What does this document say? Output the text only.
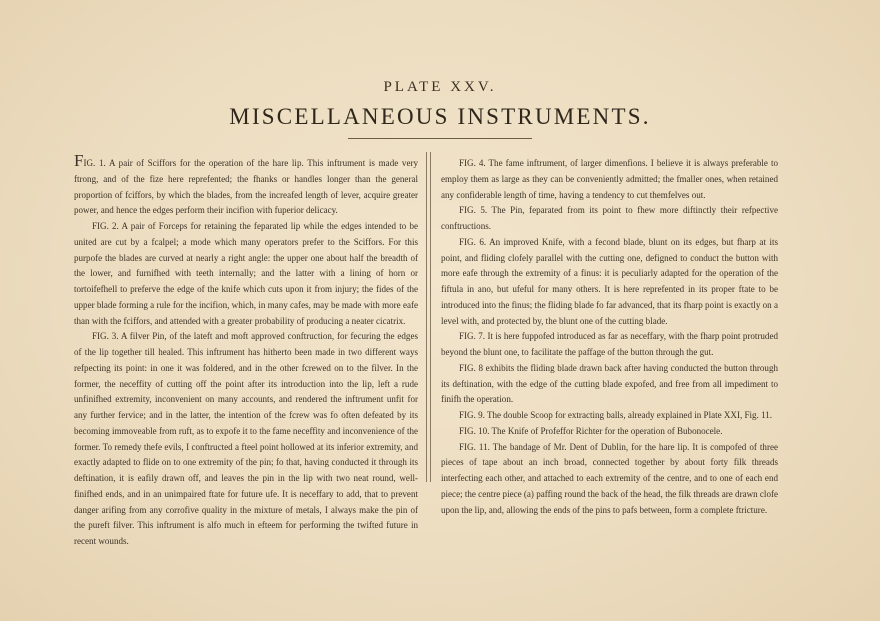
PLATE XXV.
MISCELLANEOUS INSTRUMENTS.

FIG. 1. A pair of Sciffors for the operation of the hare lip. This inftrument is made very ftrong, and of the fize here reprefented; the fhanks or handles longer than the general proportion of fciffors, by which the blades, from the increafed length of lever, acquire greater power, and hence the edges perform their incifion with fuperior delicacy.

FIG. 2. A pair of Forceps for retaining the feparated lip while the edges intended to be united are cut by a fcalpel; a mode which many operators prefer to the Sciffors. For this purpofe the blades are curved at nearly a right angle: the upper one about half the breadth of the lower, and furnifhed with teeth internally; and the latter with a lining of horn or tortoifefhell to preferve the edge of the knife which cuts upon it from injury; the fides of the upper blade forming a rule for the incifion, which, in many cafes, may be made with more eafe than with the fciffors, and attended with a greater probability of producing a neater cicatrix.

FIG. 3. A filver Pin, of the lateft and moft approved conftruction, for fecuring the edges of the lip together till healed. This inftrument has hitherto been made in two different ways refpecting its point: in one it was foldered, and in the other fcrewed on to the filver. In the former, the neceffity of cutting off the point after its introduction into the lip, left a rude unfinifhed extremity, inconvenient on many accounts, and rendered the inftrument unfit for any further fervice; and in the latter, the intention of the fcrew was fo often defeated by its becoming immoveable from ruft, as to expofe it to the fame neceffity and inconvenience of the former. To remedy thefe evils, I conftructed a fteel point hollowed at its inferior extremity, and exactly adapted to flide on to one extremity of the pin; fo that, having conducted it through its deftination, it is eafily drawn off, and leaves the pin in the lip with two neat round, well-finifhed ends, and in an unimpaired ftate for future ufe. It is neceffary to add, that to prevent danger arifing from any corrofive quality in the mixture of metals, I always make the pin of the pureft filver. This inftrument is alfo much in efteem for performing the twifted future in recent wounds.

FIG. 4. The fame inftrument, of larger dimenfions. I believe it is always preferable to employ them as large as they can be conveniently admitted; the fmaller ones, when retained any confiderable length of time, having a tendency to cut themfelves out.

FIG. 5. The Pin, feparated from its point to fhew more diftinctly their refpective conftructions.

FIG. 6. An improved Knife, with a fecond blade, blunt on its edges, but fharp at its point, and fliding clofely parallel with the cutting one, defigned to conduct the button with more eafe through the extremity of a finus: it is peculiarly adapted for the operation of the fiftula in ano, but ufeful for many others. It is here reprefented in its proper ftate to be introduced into the finus; the fliding blade fo far advanced, that its fharp point is exactly on a level with, and protected by, the blunt one of the cutting blade.

FIG. 7. It is here fuppofed introduced as far as neceffary, with the fharp point protruded beyond the blunt one, to facilitate the paffage of the button through the gut.

FIG. 8 exhibits the fliding blade drawn back after having conducted the button through its deftination, with the edge of the cutting blade expofed, and free from all impediment to finifh the operation.

FIG. 9. The double Scoop for extracting balls, already explained in Plate XXI, Fig. 11.

FIG. 10. The Knife of Profeffor Richter for the operation of Bubonocele.

FIG. 11. The bandage of Mr. Dent of Dublin, for the hare lip. It is compofed of three pieces of tape about an inch broad, connected together by about forty filk threads interfecting each other, and attached to each extremity of the centre, and to one of each end piece; the centre piece (a) paffing round the back of the head, the filk threads are drawn clofe upon the lip, and, allowing the ends of the pins to pafs between, form a complete ftricture.
